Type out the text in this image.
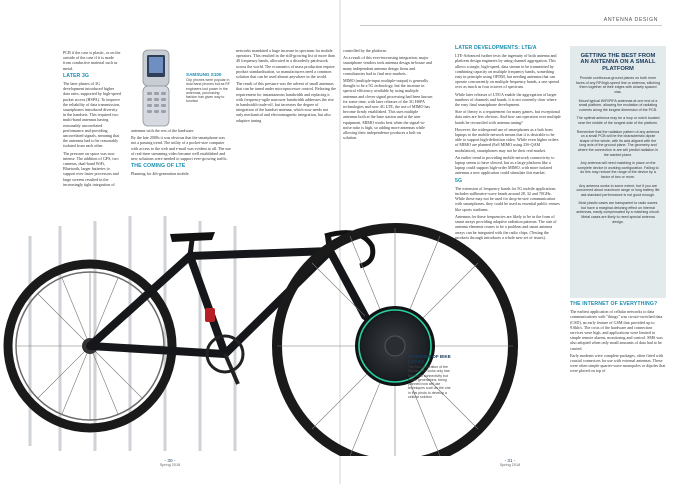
ANTENNA DESIGN

PCB if the case is plastic, or on the outside of the case if it is made from conductive material such as metal.

LATER 3G

The later phases of 3G development introduced higher data rates, supported by high-speed packet access (HSPA). To improve the reliability of data transmission, smartphones introduced diversity in the handsets. This required two multi-band antennas having reasonably uncorrelated performance and providing uncorrelated signals, meaning that the antennas had to be reasonably isolated from each other.

The pressure on space was now intense. The addition of GPS, two cameras, dual-band WiFi, Bluetooth, larger batteries to support ever faster processors and large screens resulted in the increasingly tight integration of

SAMSUNG S100
Clip phones were popular in dual band phones but as RF engineers lost power in the antennas, purchasing fashion has given way to function

antennas with the rest of the hardware.

By the late 2000s it was obvious that the smartphone was not a passing trend. The utility of a pocket-size computer with access to the web and e-mail was evident to all. The use of real-time streaming video became well established and new solutions were needed to support ever-growing traffic.

THE COMING OF LTE

Planning for 4th-generation mobile

networks mandated a huge increase in spectrum for mobile operators. This resulted in the still-growing list of more than 40 frequency bands, allocated in a disorderly patchwork across the world. The economics of mass production require product standardisation, so manufacturers need a common solution that can be used almost anywhere in the world.

The result of this pressure was the advent of small antennas that can be tuned under microprocessor control. Relaxing the requirement for instantaneous bandwidth and replacing it with frequency-agile narrower bandwidth addresses the rise in bandwidth trade-off, but increases the degree of integration of the handset antenna, which now needs not only mechanical and electromagnetic integration, but also adaptive tuning

controlled by the platform.

As a result of this ever-increasing integration, major smartphone vendors took antenna design in-house and many independent antenna design firms and consultancies had to find new markets.

MIMO (multiple-input multiple-output) is generally thought to be a 5G technology, but the increase in spectral efficiency available by using multiple antennas and clever signal processing had been known for some time, with later releases of the 3G HSPA technologies and now 4G LTE, the use of MIMO has become firmly established. This uses multiple antennas both at the base station and at the user equipment. MIMO works best when the signal-to-noise ratio is high, so adding more antennas while allowing their independence produces a bolt-on solution.

LATER DEVELOPMENTS: LTE/A

LTE-Advanced further tests the ingenuity of both antenna and platform design engineers by using channel aggregation. This allows a single, high-speed, data stream to be transmitted by combining capacity on multiple frequency bands, something easy in principle using OFDM, but needing antennas that can operate concurrently on multiple frequency bands, a one spread over as much as four octaves of spectrum.

While later releases of LTE/A enable the aggregation of larger numbers of channels and bands, it is not currently clear where the easy final smartphone development.

Size of theory is a requirement for many games, but exceptional data rates are less obvious. And how can operation over multiple bands be reconciled with antenna tuning?

However, the widespread use of smartphones as a hub from laptops to the mobile network means that it is desirable to be able to support high-definition video. While even higher orders of MIMO are planned (8x8 MIMO using 256-QAM modulation), smartphones may not be their real market.

An earlier trend to providing mobile network connectivity to laptop seems to have slowed, but as a large platform like a laptop could support high-order MIMO, with more isolated antennas a new application could stimulate this market.

5G

The extension of frequency bands for 5G mobile applications includes millimetre-wave bands around 28, 32 and 70GHz. While these may not be used for drop-in-size communication with smartphones, they could be used as essential public venues like sports stadiums.

Antennas for these frequencies are likely to be in the form of smart arrays providing adaptive radiation patterns. The size of antenna elements ceases to be a problem and smart antenna arrays can be integrated with the radio chips. (Testing the products through introduces a whole new set of issues).

GETTING THE BEST FROM AN ANTENNA ON A SMALL PLATFORM
Provide continuous ground planes on both inner faces of any RF/high-speed line or antenna, stitching them together at their edges with closely spaced vias.
Mount typical WiFi/PIFA antennas at one end of a small platform, allowing the excitation of radiating currents along the longest dimension of the PCB.
The optimal antenna may be a loop or notch located near the middle of the longest side of the platform.
Remember that the radiation pattern of any antenna on a small PCB will be the characteristic dipole shape of the whole, with its axis aligned with the long axis of the ground plane. The geometry and where the connection is are will predict radiation in the wanted plane.
Any antenna will need matching in place on the complete device in working configuration. Failing to do this may reduce the range of the device by a factor of two or more.
Any antenna works to some extent, but if you are concerned about maximum range or long battery life ask standard performance is not good enough.
Most plastic cases are transparent to radio waves but have a marginal detuning effect on internal antennas, easily compensated by a matching circuit. Metal cases are likely to need special antenna design.
THE INTERNET OF EVERYTHING?

The earliest application of cellular networks to data communications with "things" was circuit-switched data (CSD), an early feature of GSM that provided up to 9.6kb/s. The costs of the hardware and connection services were high, and applications were limited to simple remote alarms, monitoring and control. SMS was also adopted when only small amounts of data had to be carried.

Early modems were complete packages, often fitted with coaxial connectors for use with external antennas. These were often simple quarter-wave monopoles or dipoles that were placed on top of

INTERNET OF BIKE LOCKS
The first generation of the Bitlock, bike locks only has Bluetooth connectivity but future generations, being planned now will use techniques such as the one in this photo to develop a cellular solution
- 30 -
Spring 2018
- 31 -
Spring 2018
